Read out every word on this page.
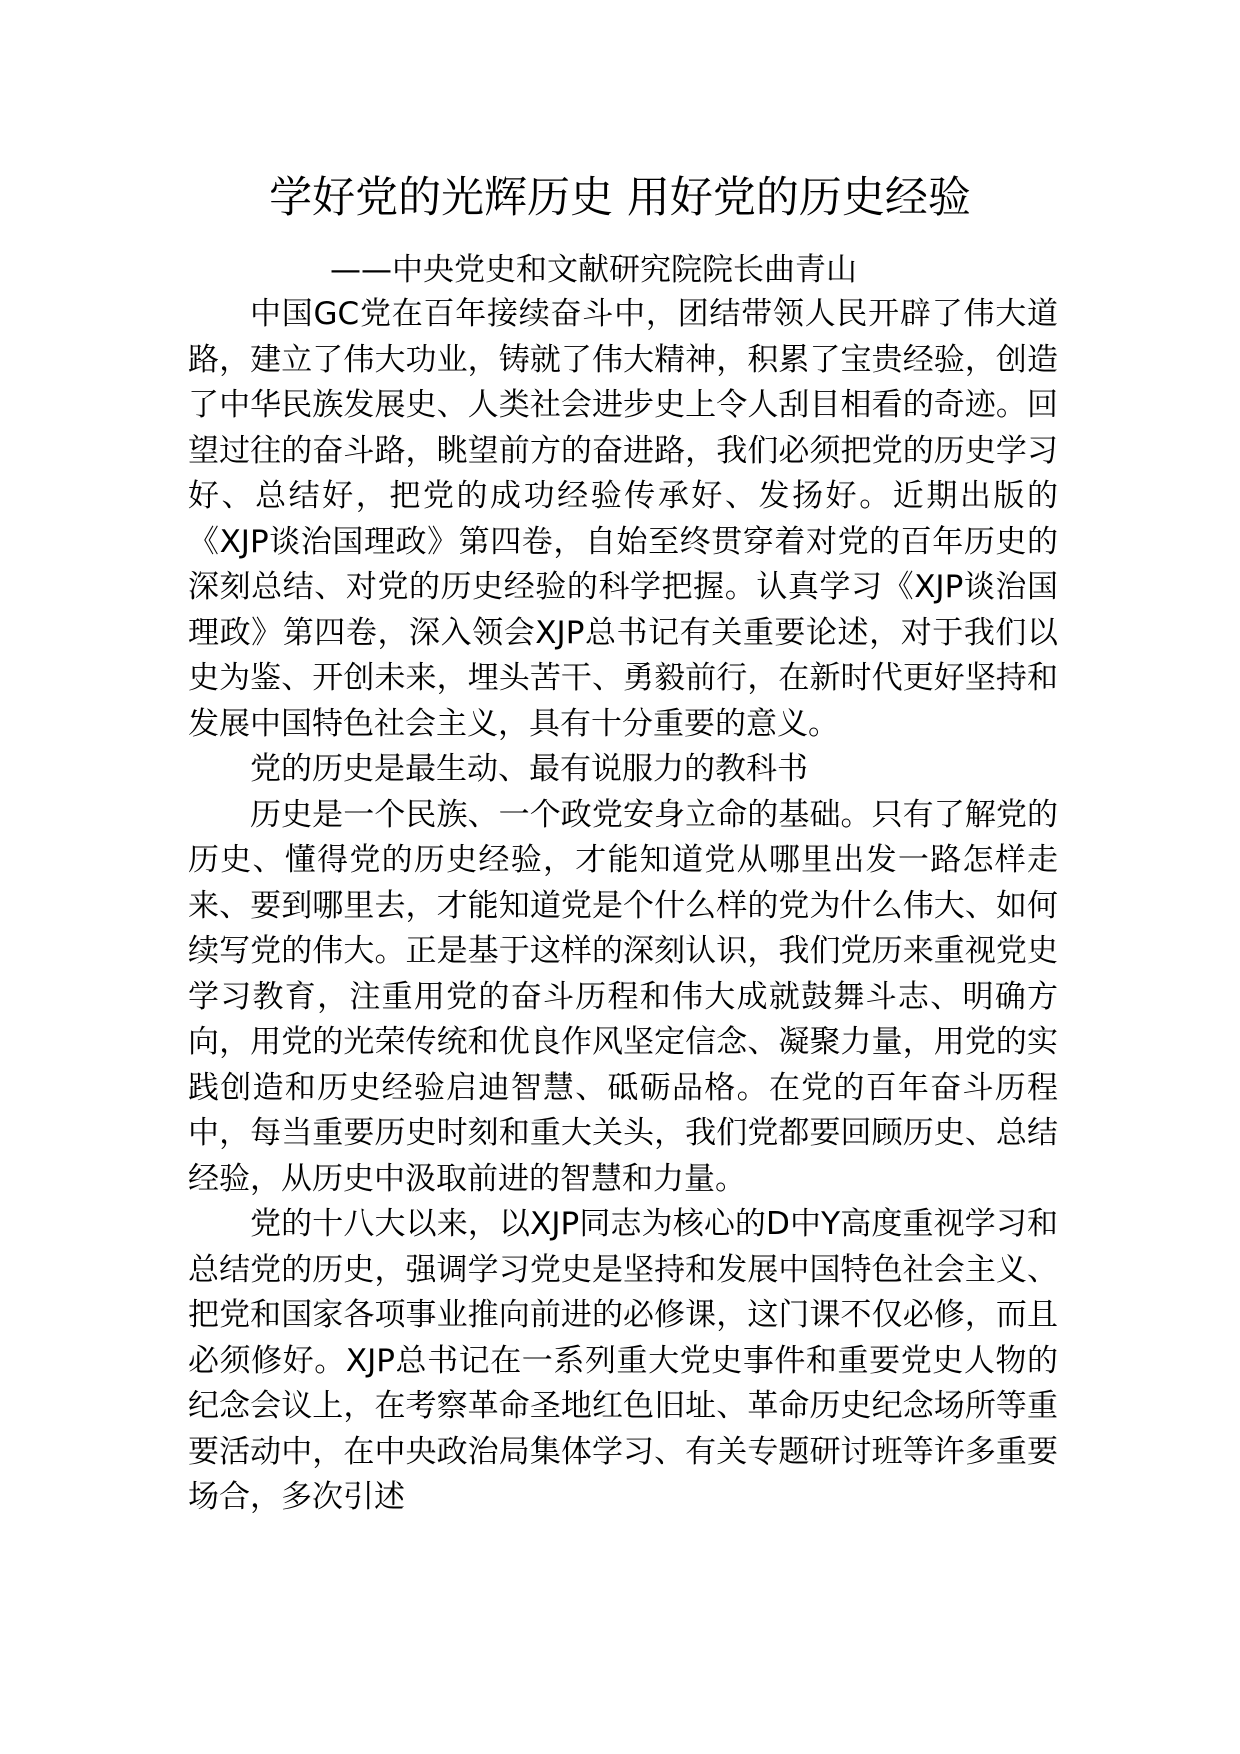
学好党的光辉历史 用好党的历史经验
——中央党史和文献研究院院长曲青山

中国GC党在百年接续奋斗中，团结带领人民开辟了伟大道路，建立了伟大功业，铸就了伟大精神，积累了宝贵经验，创造了中华民族发展史、人类社会进步史上令人刮目相看的奇迹。回望过往的奋斗路，眺望前方的奋进路，我们必须把党的历史学习好、总结好，把党的成功经验传承好、发扬好。近期出版的《XJP谈治国理政》第四卷，自始至终贯穿着对党的百年历史的深刻总结、对党的历史经验的科学把握。认真学习《XJP谈治国理政》第四卷，深入领会XJP总书记有关重要论述，对于我们以史为鉴、开创未来，埋头苦干、勇毅前行，在新时代更好坚持和发展中国特色社会主义，具有十分重要的意义。

党的历史是最生动、最有说服力的教科书

历史是一个民族、一个政党安身立命的基础。只有了解党的历史、懂得党的历史经验，才能知道党从哪里出发一路怎样走来、要到哪里去，才能知道党是个什么样的党为什么伟大、如何续写党的伟大。正是基于这样的深刻认识，我们党历来重视党史学习教育，注重用党的奋斗历程和伟大成就鼓舞斗志、明确方向，用党的光荣传统和优良作风坚定信念、凝聚力量，用党的实践创造和历史经验启迪智慧、砥砺品格。在党的百年奋斗历程中，每当重要历史时刻和重大关头，我们党都要回顾历史、总结经验，从历史中汲取前进的智慧和力量。

党的十八大以来，以XJP同志为核心的D中Y高度重视学习和总结党的历史，强调学习党史是坚持和发展中国特色社会主义、把党和国家各项事业推向前进的必修课，这门课不仅必修，而且必须修好。XJP总书记在一系列重大党史事件和重要党史人物的纪念会议上，在考察革命圣地红色旧址、革命历史纪念场所等重要活动中，在中央政治局集体学习、有关专题研讨班等许多重要场合，多次引述
